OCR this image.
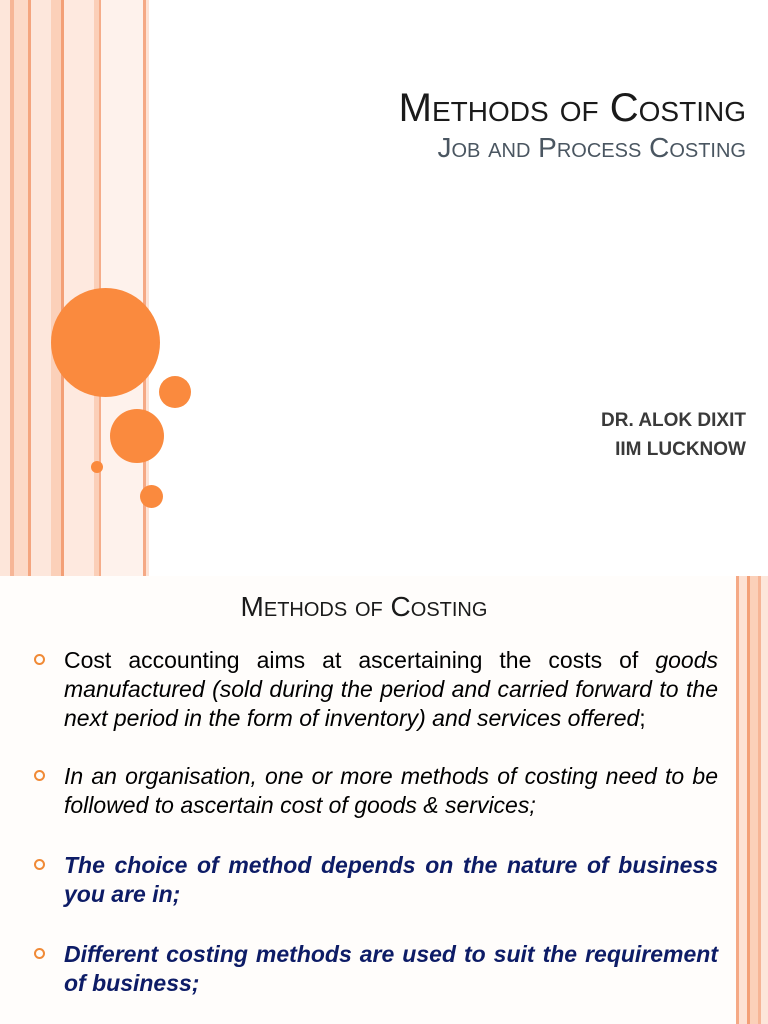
Methods of Costing
Job and Process Costing
DR. ALOK DIXIT
IIM LUCKNOW
Methods of Costing
Cost accounting aims at ascertaining the costs of goods manufactured (sold during the period and carried forward to the next period in the form of inventory) and services offered;
In an organisation, one or more methods of costing need to be followed to ascertain cost of goods & services;
The choice of method depends on the nature of business you are in;
Different costing methods are used to suit the requirement of business;
